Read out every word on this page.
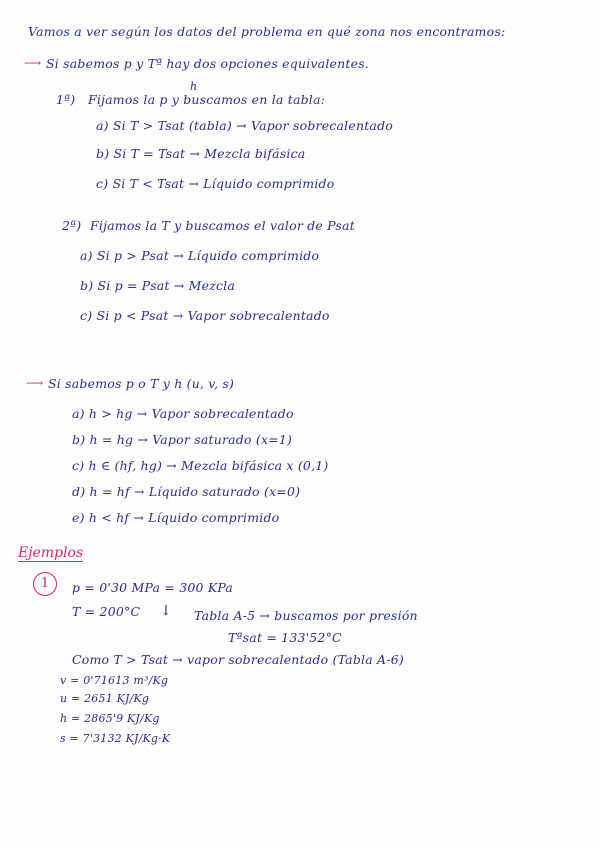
Vamos a ver según los datos del problema en qué zona nos encontramos:
⟶ Si sabemos p y Tª hay dos opciones equivalentes.
h
1ª) Fijamos la p y buscamos en la tabla:
a) Si T > Tsat (tabla) → Vapor sobrecalentado
b) Si T = Tsat → Mezcla bifásica
c) Si T < Tsat → Líquido comprimido
2ª) Fijamos la T y buscamos el valor de Psat
a) Si p > Psat → Líquido comprimido
b) Si p = Psat → Mezcla
c) Si p < Psat → Vapor sobrecalentado
⟶ Si sabemos p o T y h (u, v, s)
a) h > hg → Vapor sobrecalentado
b) h = hg → Vapor saturado (x=1)
c) h ∈ (hf, hg) → Mezcla bifásica x (0,1)
d) h = hf → Líquido saturado (x=0)
e) h < hf → Líquido comprimido
Ejemplos
1	p = 0'30 MPa = 300 KPa
T = 200°C ↓ Tabla A-5 → buscamos por presión
Tªsat = 133'52°C
Como T > Tsat → vapor sobrecalentado (Tabla A-6)
v = 0'71613 m³/Kg
u = 2651 KJ/Kg
h = 2865'9 KJ/Kg
s = 7'3132 KJ/Kg·K
